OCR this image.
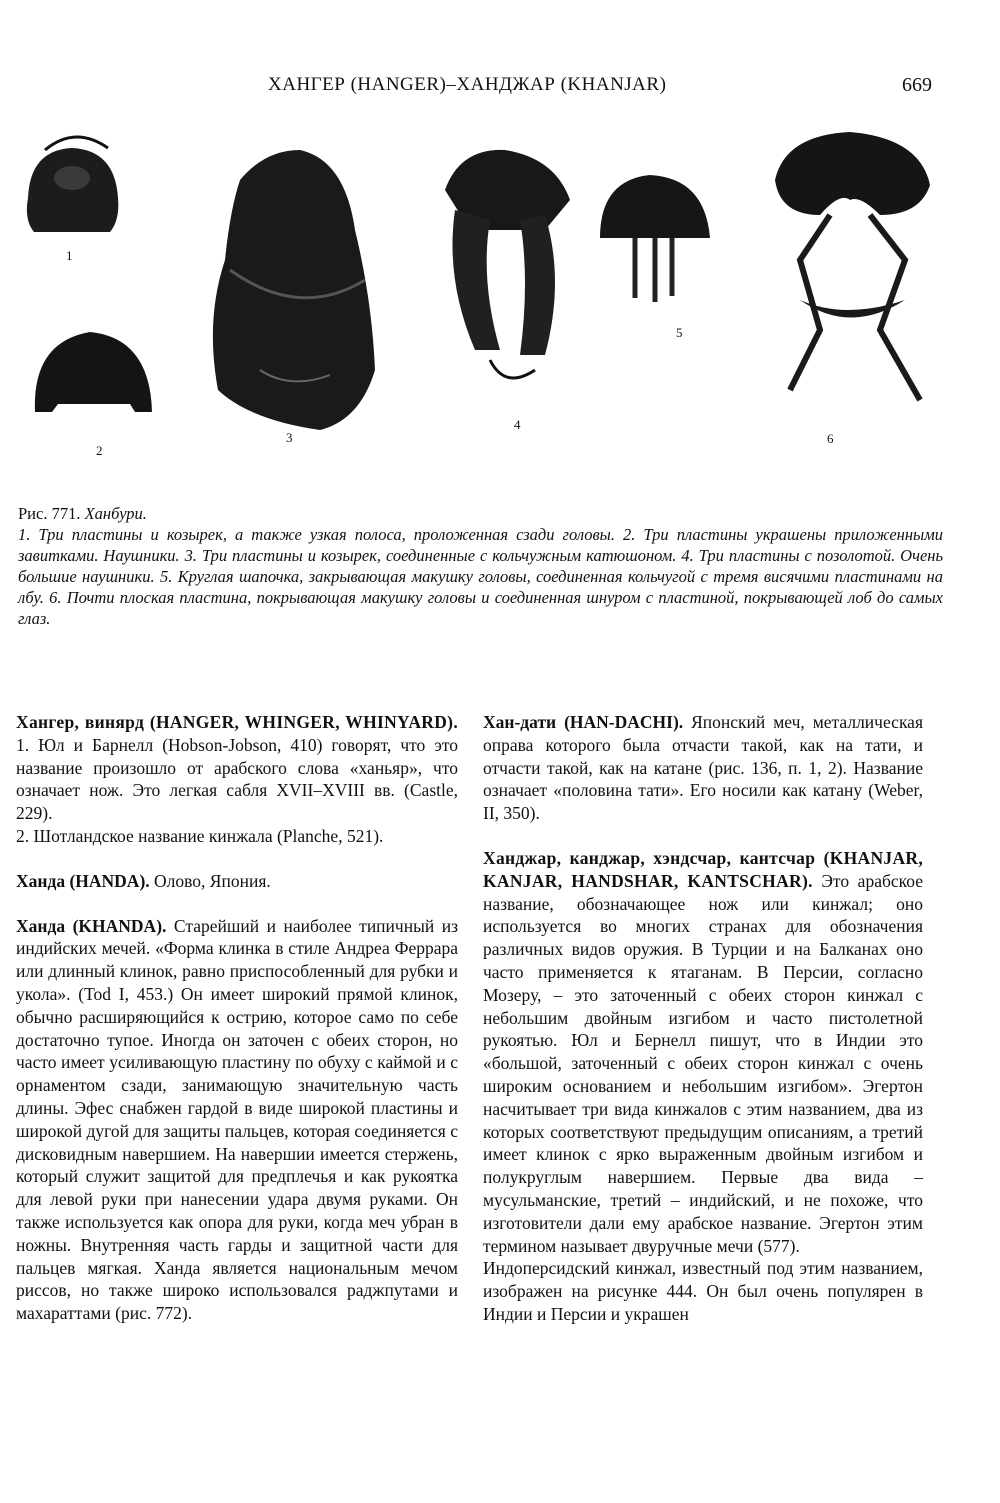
ХАНГЕР (HANGER)–ХАНДЖАР (KHANJAR)	669
1
2
3
4
5
6
Рис. 771. Ханбури.
1. Три пластины и козырек, а также узкая полоса, проложенная сзади головы. 2. Три пластины украшены приложенными завитками. Наушники. 3. Три пластины и козырек, соединенные с кольчужным катюшоном. 4. Три пластины с позолотой. Очень большие наушники. 5. Круглая шапочка, закрывающая макушку головы, соединенная кольчугой с тремя висячими пластинами на лбу. 6. Почти плоская пластина, покрывающая макушку головы и соединенная шнуром с пластиной, покрывающей лоб до самых глаз.

Хангер, винярд (HANGER, WHINGER, WHINYARD). 1. Юл и Барнелл (Hobson-Jobson, 410) говорят, что это название произошло от арабского слова «ханьяр», что означает нож. Это легкая сабля XVII–XVIII вв. (Castle, 229).

2. Шотландское название кинжала (Planche, 521).

Ханда (HANDA). Олово, Япония.

Ханда (KHANDA). Старейший и наиболее типичный из индийских мечей. «Форма клинка в стиле Андреа Феррара или длинный клинок, равно приспособленный для рубки и укола». (Tod I, 453.) Он имеет широкий прямой клинок, обычно расширяющийся к острию, которое само по себе достаточно тупое. Иногда он заточен с обеих сторон, но часто имеет усиливающую пластину по обуху с каймой и с орнаментом сзади, занимающую значительную часть длины. Эфес снабжен гардой в виде широкой пластины и широкой дугой для защиты пальцев, которая соединяется с дисковидным навершием. На навершии имеется стержень, который служит защитой для предплечья и как рукоятка для левой руки при нанесении удара двумя руками. Он также используется как опора для руки, когда меч убран в ножны. Внутренняя часть гарды и защитной части для пальцев мягкая. Ханда является национальным мечом риссов, но также широко использовался раджпутами и махараттами (рис. 772).

Хан-дати (HAN-DACHI). Японский меч, металлическая оправа которого была отчасти такой, как на тати, и отчасти такой, как на катане (рис. 136, п. 1, 2). Название означает «половина тати». Его носили как катану (Weber, II, 350).

Ханджар, канджар, хэндсчар, кантсчар (KHANJAR, KANJAR, HANDSHAR, KANTSCHAR). Это арабское название, обозначающее нож или кинжал; оно используется во многих странах для обозначения различных видов оружия. В Турции и на Балканах оно часто применяется к ятаганам. В Персии, согласно Мозеру, – это заточенный с обеих сторон кинжал с небольшим двойным изгибом и часто пистолетной рукоятью. Юл и Бернелл пишут, что в Индии это «большой, заточенный с обеих сторон кинжал с очень широким основанием и небольшим изгибом». Эгертон насчитывает три вида кинжалов с этим названием, два из которых соответствуют предыдущим описаниям, а третий имеет клинок с ярко выраженным двойным изгибом и полукруглым навершием. Первые два вида – мусульманские, третий – индийский, и не похоже, что изготовители дали ему арабское название. Эгертон этим термином называет двуручные мечи (577).

Индоперсидский кинжал, известный под этим названием, изображен на рисунке 444. Он был очень популярен в Индии и Персии и украшен
